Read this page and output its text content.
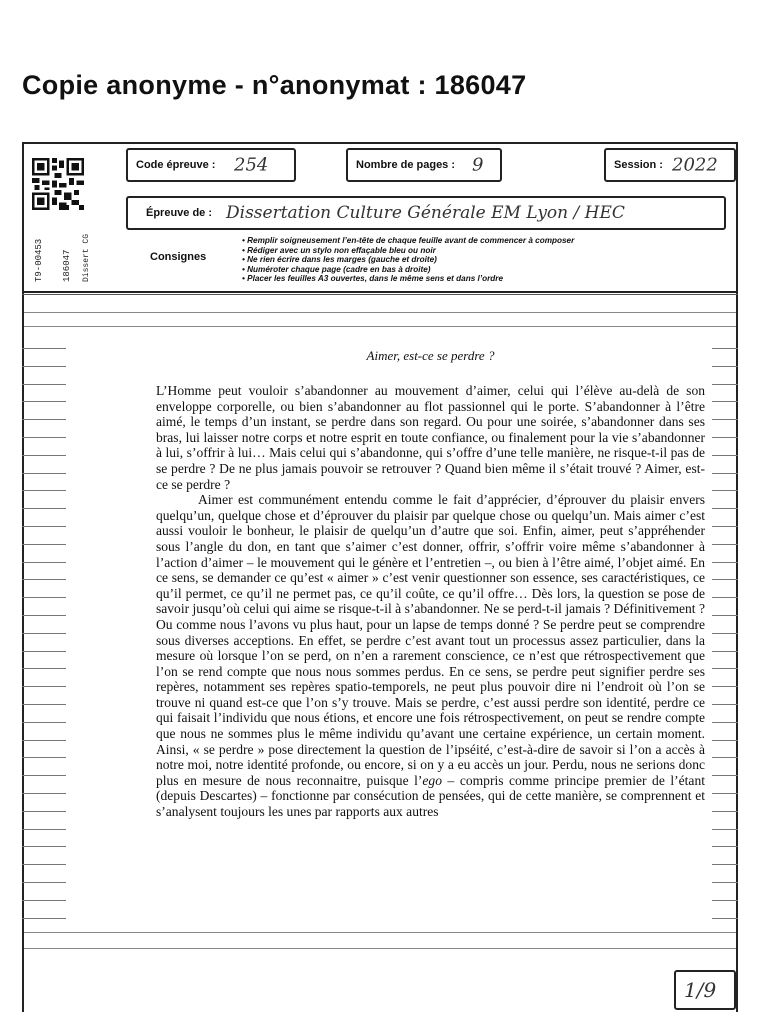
Copie anonyme - n°anonymat : 186047
T9-00453 186047 Dissert CG
Code épreuve : 254	Nombre de pages : 9	Session : 2022
Épreuve de : Dissertation Culture Générale EM Lyon / HEC
Consignes
• Remplir soigneusement l’en-tête de chaque feuille avant de commencer à composer
• Rédiger avec un stylo non effaçable bleu ou noir
• Ne rien écrire dans les marges (gauche et droite)
• Numéroter chaque page (cadre en bas à droite)
• Placer les feuilles A3 ouvertes, dans le même sens et dans l’ordre
Aimer, est-ce se perdre ?

L’Homme peut vouloir s’abandonner au mouvement d’aimer, celui qui l’élève au-delà de son enveloppe corporelle, ou bien s’abandonner au flot passionnel qui le porte. S’abandonner à l’être aimé, le temps d’un instant, se perdre dans son regard. Ou pour une soirée, s’abandonner dans ses bras, lui laisser notre corps et notre esprit en toute confiance, ou finalement pour la vie s’abandonner à lui, s’offrir à lui… Mais celui qui s’abandonne, qui s’offre d’une telle manière, ne risque-t-il pas de se perdre ? De ne plus jamais pouvoir se retrouver ? Quand bien même il s’était trouvé ? Aimer, est-ce se perdre ?

Aimer est communément entendu comme le fait d’apprécier, d’éprouver du plaisir envers quelqu’un, quelque chose et d’éprouver du plaisir par quelque chose ou quelqu’un. Mais aimer c’est aussi vouloir le bonheur, le plaisir de quelqu’un d’autre que soi. Enfin, aimer, peut s’appréhender sous l’angle du don, en tant que s’aimer c’est donner, offrir, s’offrir voire même s’abandonner à l’action d’aimer – le mouvement qui le génère et l’entretien –, ou bien à l’être aimé, l’objet aimé. En ce sens, se demander ce qu’est « aimer » c’est venir questionner son essence, ses caractéristiques, ce qu’il permet, ce qu’il ne permet pas, ce qu’il coûte, ce qu’il offre… Dès lors, la question se pose de savoir jusqu’où celui qui aime se risque-t-il à s’abandonner. Ne se perd-t-il jamais ? Définitivement ? Ou comme nous l’avons vu plus haut, pour un lapse de temps donné ? Se perdre peut se comprendre sous diverses acceptions. En effet, se perdre c’est avant tout un processus assez particulier, dans la mesure où lorsque l’on se perd, on n’en a rarement conscience, ce n’est que rétrospectivement que l’on se rend compte que nous nous sommes perdus. En ce sens, se perdre peut signifier perdre ses repères, notamment ses repères spatio-temporels, ne peut plus pouvoir dire ni l’endroit où l’on se trouve ni quand est-ce que l’on s’y trouve. Mais se perdre, c’est aussi perdre son identité, perdre ce qui faisait l’individu que nous étions, et encore une fois rétrospectivement, on peut se rendre compte que nous ne sommes plus le même individu qu’avant une certaine expérience, un certain moment. Ainsi, « se perdre » pose directement la question de l’ipséité, c’est-à-dire de savoir si l’on a accès à notre moi, notre identité profonde, ou encore, si on y a eu accès un jour. Perdu, nous ne serions donc plus en mesure de nous reconnaitre, puisque l’ego – compris comme principe premier de l’étant (depuis Descartes) – fonctionne par consécution de pensées, qui de cette manière, se comprennent et s’analysent toujours les unes par rapports aux autres

1/9
